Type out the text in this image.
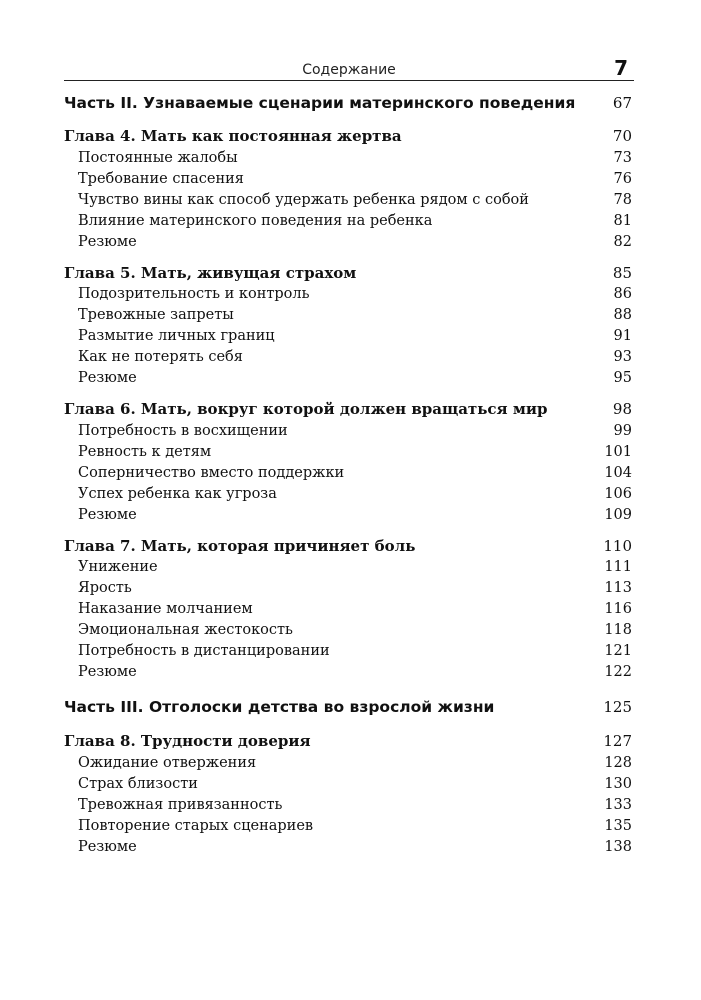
Содержание	7
Часть II. Узнаваемые сценарии материнского поведения	67
Глава 4. Мать как постоянная жертва	70
Постоянные жалобы	73
Требование спасения	76
Чувство вины как способ удержать ребенка рядом с собой	78
Влияние материнского поведения на ребенка	81
Резюме	82
Глава 5. Мать, живущая страхом	85
Подозрительность и контроль	86
Тревожные запреты	88
Размытие личных границ	91
Как не потерять себя	93
Резюме	95
Глава 6. Мать, вокруг которой должен вращаться мир	98
Потребность в восхищении	99
Ревность к детям	101
Соперничество вместо поддержки	104
Успех ребенка как угроза	106
Резюме	109
Глава 7. Мать, которая причиняет боль	110
Унижение	111
Ярость	113
Наказание молчанием	116
Эмоциональная жестокость	118
Потребность в дистанцировании	121
Резюме	122
Часть III. Отголоски детства во взрослой жизни	125
Глава 8. Трудности доверия	127
Ожидание отвержения	128
Страх близости	130
Тревожная привязанность	133
Повторение старых сценариев	135
Резюме	138
